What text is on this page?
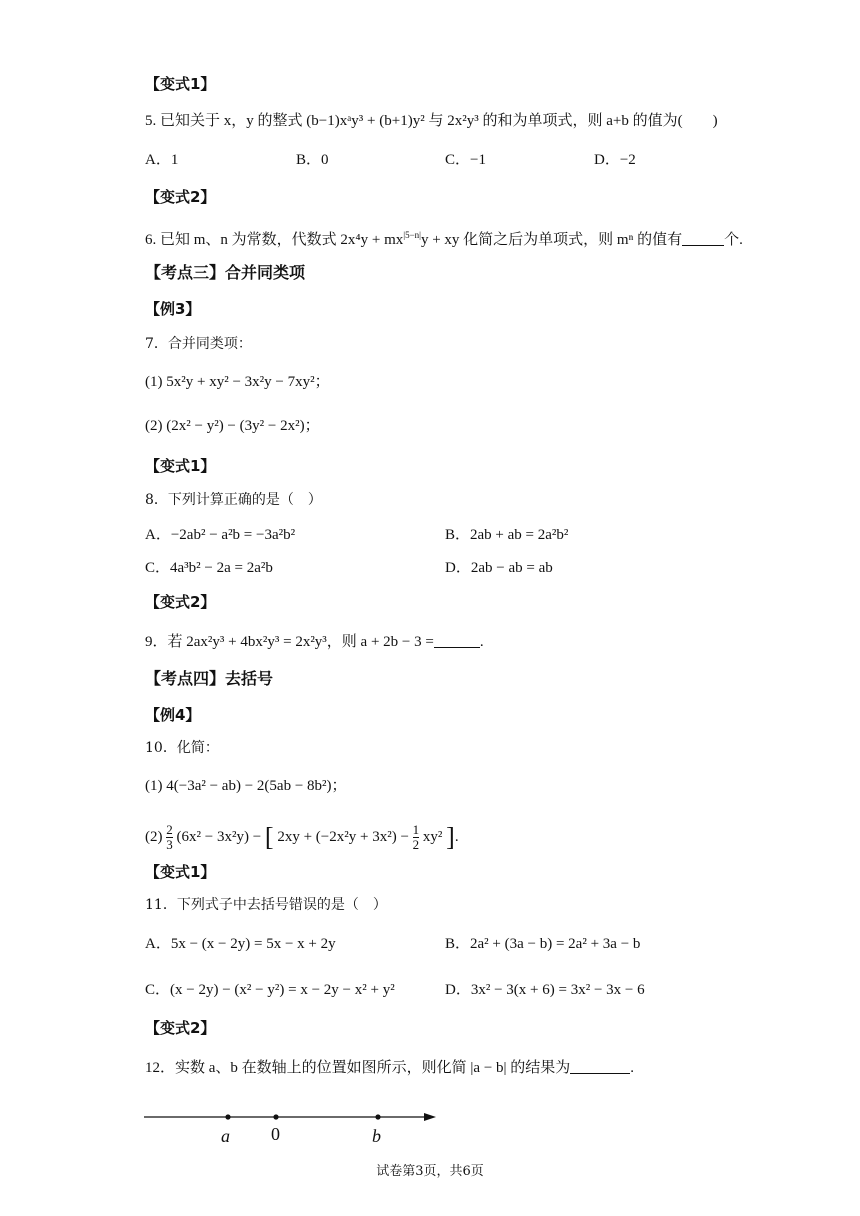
【变式1】
5. 已知关于 x，y 的整式 (b−1)xᵃy³ + (b+1)y² 与 2x²y³ 的和为单项式，则 a+b 的值为(　　)
A．1	B．0	C．−1	D．−2
【变式2】
6. 已知 m、n 为常数，代数式 $2x^4y + mx^{|5-n|}y$ + xy 化简之后为单项式，则 mⁿ 的值有	个.
【考点三】合并同类项
【例3】
7．合并同类项：
(1) 5x²y + xy² − 3x²y − 7xy²；
(2) (2x² − y²) − (3y² − 2x²)；
【变式1】
8．下列计算正确的是（　）
A．−2ab² − a²b = −3a²b²	B．2ab + ab = 2a²b²
C．4a³b² − 2a = 2a²b	D．2ab − ab = ab
【变式2】
9．若 2ax²y³ + 4bx²y³ = 2x²y³，则 a + 2b − 3 =	.
【考点四】去括号
【例4】
10．化简：
(1) 4(−3a² − ab) − 2(5ab − 8b²)；
$(2) \frac{2}{3} (6x^2 - 3x^2y)$ − [ $2xy + (-2x^2y + 3x^2) - \frac{1}{2} xy^2$ ].
【变式1】
11．下列式子中去括号错误的是（　）
A．5x − (x − 2y) = 5x − x + 2y	B．2a² + (3a − b) = 2a² + 3a − b
C．(x − 2y) − (x² − y²) = x − 2y − x² + y²	D．3x² − 3(x + 6) = 3x² − 3x − 6
【变式2】
12．实数 a、b 在数轴上的位置如图所示，则化简 |a − b| 的结果为	.
a 0	b
试卷第3页，共6页
